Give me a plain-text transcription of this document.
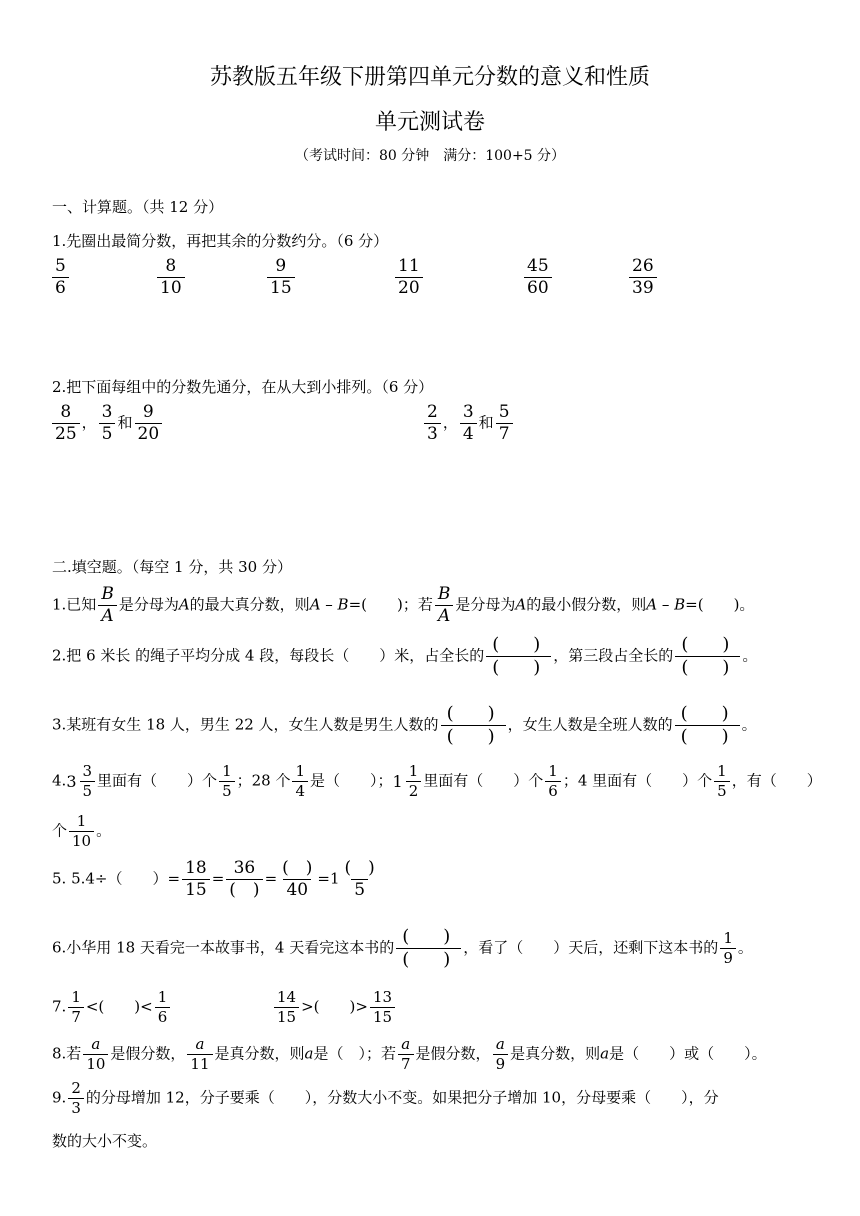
苏教版五年级下册第四单元分数的意义和性质
单元测试卷
（考试时间：80 分钟　满分：100+5 分）
一、计算题。（共 12 分）
1.先圈出最简分数，再把其余的分数约分。（6 分）
$\frac{5}{6}$	$\frac{8}{10}$	$\frac{9}{15}$	$\frac{11}{20}$	$\frac{45}{60}$	$\frac{26}{39}$
2.把下面每组中的分数先通分，在从大到小排列。（6 分）
$\frac{8}{25}$ ， $\frac{3}{5}$ 和 $\frac{9}{20}$	$\frac{2}{3}$ ， $\frac{3}{4}$ 和 $\frac{5}{7}$
二.填空题。（每空 1 分，共 30 分）
1.已知 $\frac{B}{A}$ 是分母为A的最大真分数，则A – B=(　　)；若 $\frac{B}{A}$ 是分母为A的最小假分数，则A – B=(　　)。
2.把 6 米长 的绳子平均分成 4 段，每段长（　　）米，占全长的 $\frac{( )}{( )}$ ，第三段占全长的 $\frac{( )}{( )}$ 。
3.某班有女生 18 人，男生 22 人，女生人数是男生人数的 $\frac{( )}{( )}$ ，女生人数是全班人数的 $\frac{( )}{( )}$ 。
4. $3 \frac{3}{5}$ 里面有（　　）个 $\frac{1}{5}$ ；28 个 $\frac{1}{4}$ 是（　　）； $1 \frac{1}{2}$ 里面有（　　）个 $\frac{1}{6}$ ；4 里面有（　　）个 $\frac{1}{5}$ ，有（　　）
个 $\frac{1}{10}$ 。
5. 5.4÷（　　）= $\frac{18}{15} = \frac{36}{( )} = \frac{( )}{40} =1 \frac{( )}{5}$
6.小华用 18 天看完一本故事书，4 天看完这本书的 $\frac{( )}{( )}$ ，看了（　　）天后，还剩下这本书的 $\frac{1}{9}$ 。
7. $\frac{1}{7}$ <(　　)< $\frac{1}{6}$	$\frac{14}{15}$ >(　　)> $\frac{13}{15}$
8.若 $\frac{a}{10}$ 是假分数， $\frac{a}{11}$ 是真分数，则a是（　）；若 $\frac{a}{7}$ 是假分数， $\frac{a}{9}$ 是真分数，则a是（　　）或（　　）。
9. $\frac{2}{3}$ 的分母增加 12，分子要乘（　　），分数大小不变。如果把分子增加 10，分母要乘（　　），分
数的大小不变。
